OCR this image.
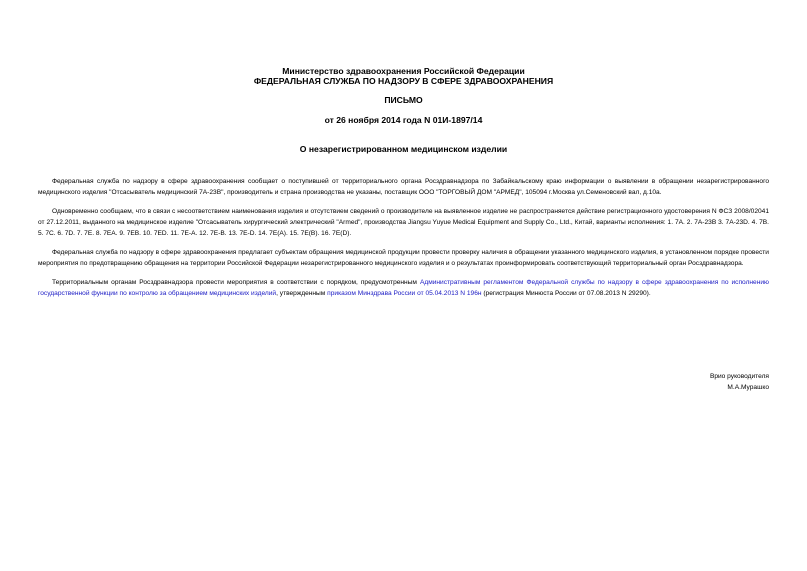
Министерство здравоохранения Российской Федерации
ФЕДЕРАЛЬНАЯ СЛУЖБА ПО НАДЗОРУ В СФЕРЕ ЗДРАВООХРАНЕНИЯ
ПИСЬМО
от 26 ноября 2014 года N 01И-1897/14
О незарегистрированном медицинском изделии

Федеральная служба по надзору в сфере здравоохранения сообщает о поступившей от территориального органа Росздравнадзора по Забайкальскому краю информации о выявлении в обращении незарегистрированного медицинского изделия "Отсасыватель медицинский 7А-23В", производитель и страна производства не указаны, поставщик ООО "ТОРГОВЫЙ ДОМ "АРМЕД", 105094 г.Москва ул.Семеновский вал, д.10а.

Одновременно сообщаем, что в связи с несоответствием наименования изделия и отсутствием сведений о производителе на выявленное изделие не распространяется действие регистрационного удостоверения N ФСЗ 2008/02041 от 27.12.2011, выданного на медицинское изделие "Отсасыватель хирургический электрический "Armed", производства Jiangsu Yuyue Medical Equipment and Supply Co., Ltd., Китай, варианты исполнения: 1. 7А. 2. 7А-23В 3. 7А-23D. 4. 7В. 5. 7С. 6. 7D. 7. 7Е. 8. 7ЕА. 9. 7ЕВ. 10. 7ЕD. 11. 7Е-А. 12. 7Е-В. 13. 7Е-D. 14. 7Е(А). 15. 7Е(В). 16. 7Е(D).

Федеральная служба по надзору в сфере здравоохранения предлагает субъектам обращения медицинской продукции провести проверку наличия в обращении указанного медицинского изделия, в установленном порядке провести мероприятия по предотвращению обращения на территории Российской Федерации незарегистрированного медицинского изделия и о результатах проинформировать соответствующий территориальный орган Росздравнадзора.

Территориальным органам Росздравнадзора провести мероприятия в соответствии с порядком, предусмотренным Административным регламентом Федеральной службы по надзору в сфере здравоохранения по исполнению государственной функции по контролю за обращением медицинских изделий, утвержденным приказом Минздрава России от 05.04.2013 N 196н (регистрация Минюста России от 07.08.2013 N 29290).

Врио руководителя
М.А.Мурашко
